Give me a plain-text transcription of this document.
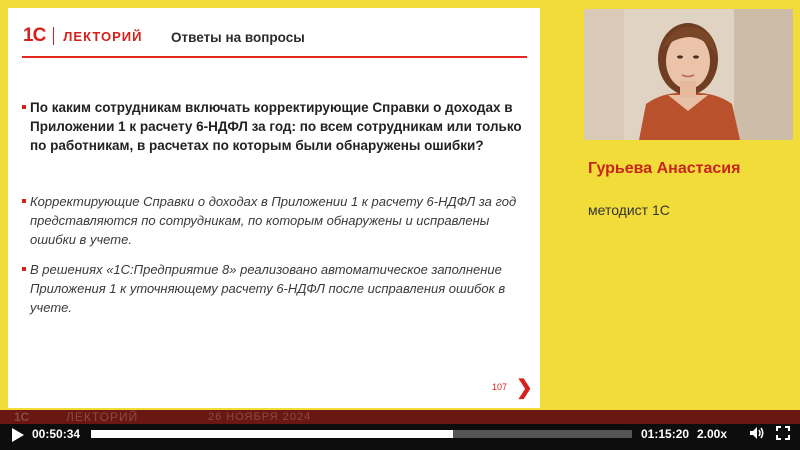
1С ЛЕКТОРИЙ Ответы на вопросы
По каким сотрудникам включать корректирующие Справки о доходах в Приложении 1 к расчету 6-НДФЛ за год: по всем сотрудникам или только по работникам, в расчетах по которым были обнаружены ошибки?
Корректирующие Справки о доходах в Приложении 1 к расчету 6-НДФЛ за год представляются по сотрудникам, по которым обнаружены и исправлены ошибки в учете.
В решениях «1С:Предприятие 8» реализовано автоматическое заполнение Приложения 1 к уточняющему расчету 6-НДФЛ после исправления ошибок в учете.
107 ❯
Гурьева Анастасия
методист 1С
1С	ЛЕКТОРИЙ	26 НОЯБРЯ 2024
00:50:34	01:15:20 2.00x
